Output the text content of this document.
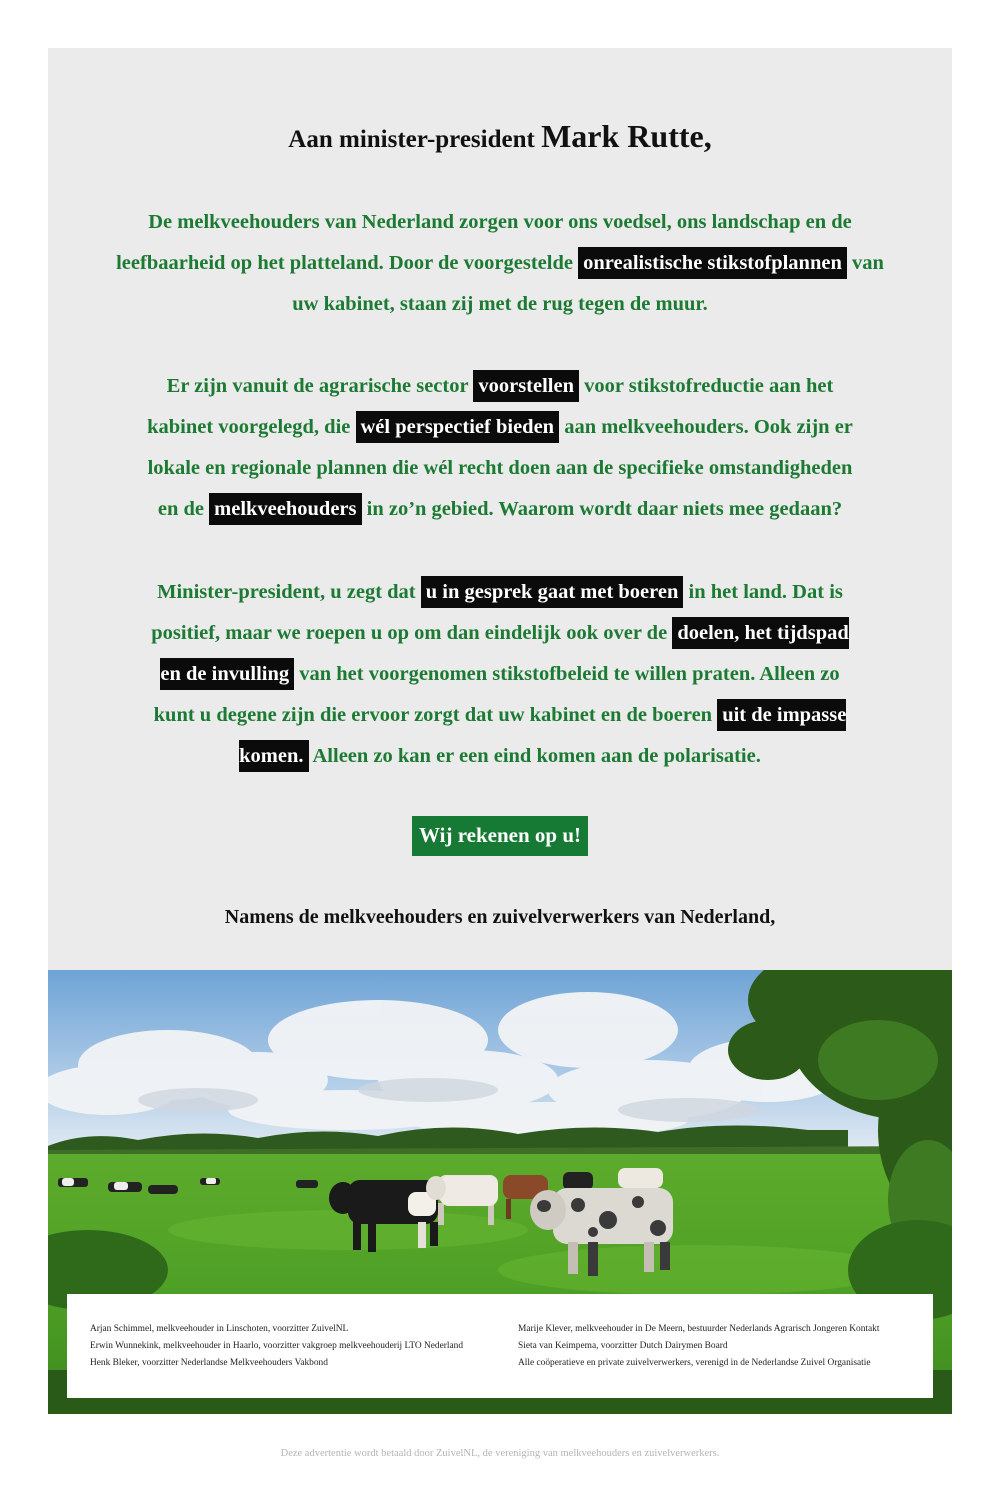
Aan minister-president Mark Rutte,

De melkveehouders van Nederland zorgen voor ons voedsel, ons landschap en de leefbaarheid op het platteland. Door de voorgestelde onrealistische stikstofplannen van uw kabinet, staan zij met de rug tegen de muur.

Er zijn vanuit de agrarische sector voorstellen voor stikstofreductie aan het kabinet voorgelegd, die wél perspectief bieden aan melkveehouders. Ook zijn er lokale en regionale plannen die wél recht doen aan de specifieke omstandigheden en de melkveehouders in zo’n gebied. Waarom wordt daar niets mee gedaan?

Minister-president, u zegt dat u in gesprek gaat met boeren in het land. Dat is positief, maar we roepen u op om dan eindelijk ook over de doelen, het tijdspad en de invulling van het voorgenomen stikstofbeleid te willen praten. Alleen zo kunt u degene zijn die ervoor zorgt dat uw kabinet en de boeren uit de impasse komen. Alleen zo kan er een eind komen aan de polarisatie.

Wij rekenen op u!
Namens de melkveehouders en zuivelverwerkers van Nederland,
Arjan Schimmel, melkveehouder in Linschoten, voorzitter ZuivelNL
Erwin Wunnekink, melkveehouder in Haarlo, voorzitter vakgroep melkveehouderij LTO Nederland
Henk Bleker, voorzitter Nederlandse Melkveehouders Vakbond
Marije Klever, melkveehouder in De Meern, bestuurder Nederlands Agrarisch Jongeren Kontakt
Sieta van Keimpema, voorzitter Dutch Dairymen Board
Alle coöperatieve en private zuivelverwerkers, verenigd in de Nederlandse Zuivel Organisatie
Deze advertentie wordt betaald door ZuivelNL, de vereniging van melkveehouders en zuivelverwerkers.
